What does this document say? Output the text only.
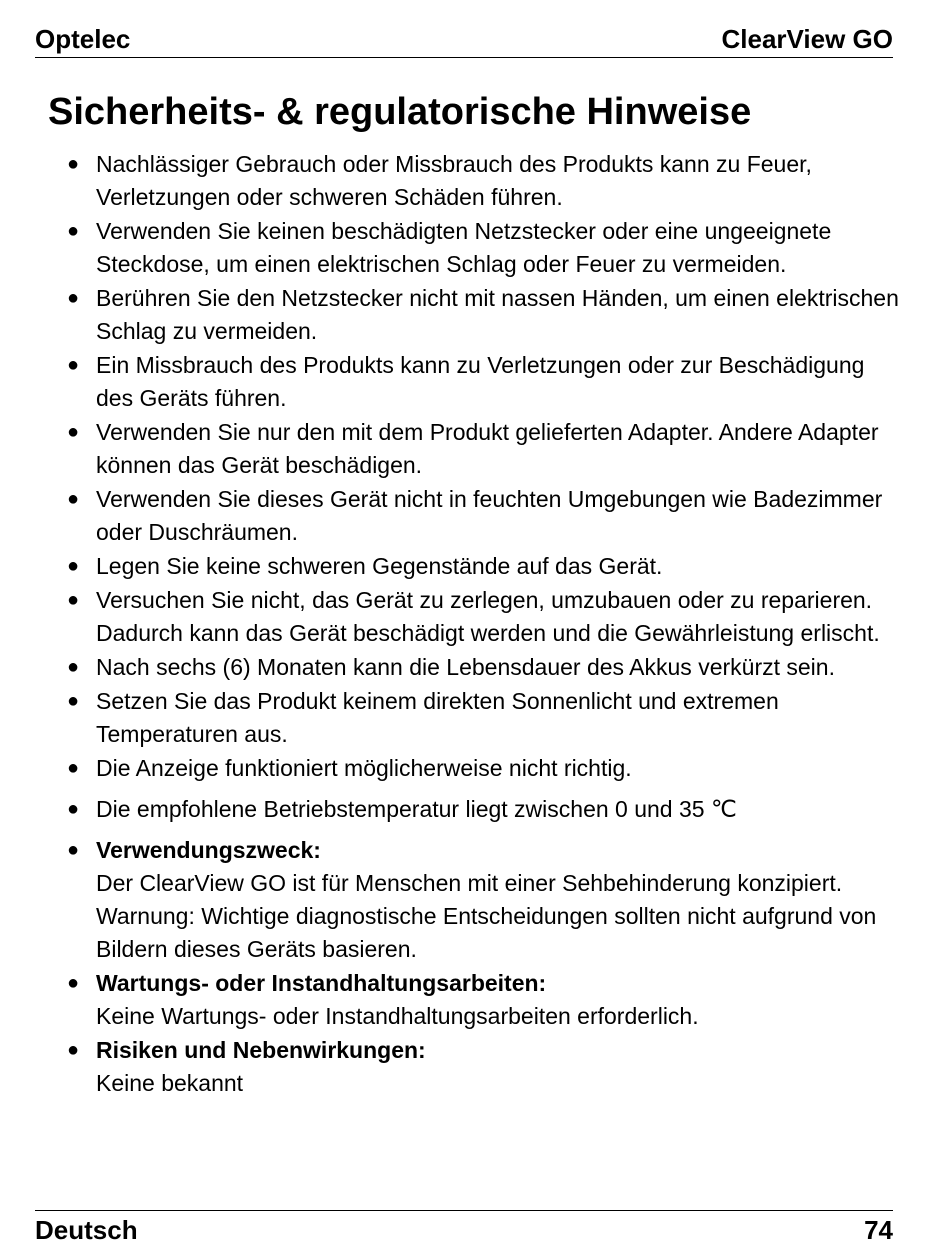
Optelec	ClearView GO
Sicherheits- & regulatorische Hinweise
● Nachlässiger Gebrauch oder Missbrauch des Produkts kann zu Feuer, Verletzungen oder schweren Schäden führen.
● Verwenden Sie keinen beschädigten Netzstecker oder eine ungeeignete Steckdose, um einen elektrischen Schlag oder Feuer zu vermeiden.
● Berühren Sie den Netzstecker nicht mit nassen Händen, um einen elektrischen Schlag zu vermeiden.
● Ein Missbrauch des Produkts kann zu Verletzungen oder zur Beschädigung des Geräts führen.
● Verwenden Sie nur den mit dem Produkt gelieferten Adapter. Andere Adapter können das Gerät beschädigen.
● Verwenden Sie dieses Gerät nicht in feuchten Umgebungen wie Badezimmer oder Duschräumen.
● Legen Sie keine schweren Gegenstände auf das Gerät.
● Versuchen Sie nicht, das Gerät zu zerlegen, umzubauen oder zu reparieren. Dadurch kann das Gerät beschädigt werden und die Gewährleistung erlischt.
● Nach sechs (6) Monaten kann die Lebensdauer des Akkus verkürzt sein.
● Setzen Sie das Produkt keinem direkten Sonnenlicht und extremen Temperaturen aus.
● Die Anzeige funktioniert möglicherweise nicht richtig.
● Die empfohlene Betriebstemperatur liegt zwischen 0 und 35 ℃
● Verwendungszweck:
Der ClearView GO ist für Menschen mit einer Sehbehinderung konzipiert.
Warnung: Wichtige diagnostische Entscheidungen sollten nicht aufgrund von Bildern dieses Geräts basieren.
● Wartungs- oder Instandhaltungsarbeiten:
Keine Wartungs- oder Instandhaltungsarbeiten erforderlich.
● Risiken und Nebenwirkungen:
Keine bekannt
Deutsch	74
